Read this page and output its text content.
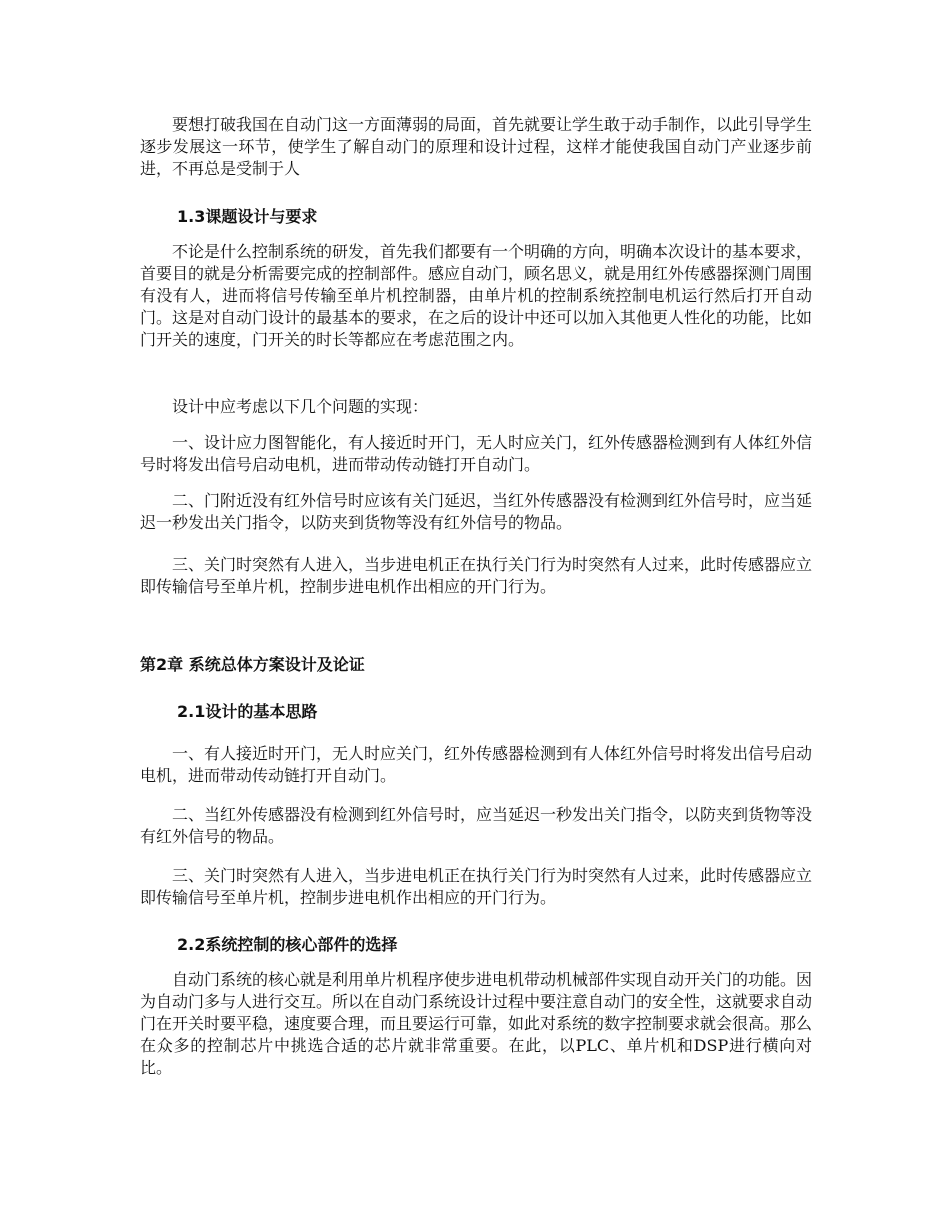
要想打破我国在自动门这一方面薄弱的局面，首先就要让学生敢于动手制作，以此引导学生逐步发展这一环节，使学生了解自动门的原理和设计过程，这样才能使我国自动门产业逐步前进，不再总是受制于人

1.3课题设计与要求

不论是什么控制系统的研发，首先我们都要有一个明确的方向，明确本次设计的基本要求，首要目的就是分析需要完成的控制部件。感应自动门，顾名思义，就是用红外传感器探测门周围有没有人，进而将信号传输至单片机控制器，由单片机的控制系统控制电机运行然后打开自动门。这是对自动门设计的最基本的要求，在之后的设计中还可以加入其他更人性化的功能，比如门开关的速度，门开关的时长等都应在考虑范围之内。

设计中应考虑以下几个问题的实现：

一、设计应力图智能化，有人接近时开门，无人时应关门，红外传感器检测到有人体红外信号时将发出信号启动电机，进而带动传动链打开自动门。

二、门附近没有红外信号时应该有关门延迟，当红外传感器没有检测到红外信号时，应当延迟一秒发出关门指令，以防夹到货物等没有红外信号的物品。

三、关门时突然有人进入，当步进电机正在执行关门行为时突然有人过来，此时传感器应立即传输信号至单片机，控制步进电机作出相应的开门行为。

第2章 系统总体方案设计及论证
2.1设计的基本思路

一、有人接近时开门，无人时应关门，红外传感器检测到有人体红外信号时将发出信号启动电机，进而带动传动链打开自动门。

二、当红外传感器没有检测到红外信号时，应当延迟一秒发出关门指令，以防夹到货物等没有红外信号的物品。

三、关门时突然有人进入，当步进电机正在执行关门行为时突然有人过来，此时传感器应立即传输信号至单片机，控制步进电机作出相应的开门行为。

2.2系统控制的核心部件的选择

自动门系统的核心就是利用单片机程序使步进电机带动机械部件实现自动开关门的功能。因为自动门多与人进行交互。所以在自动门系统设计过程中要注意自动门的安全性，这就要求自动门在开关时要平稳，速度要合理，而且要运行可靠，如此对系统的数字控制要求就会很高。那么在众多的控制芯片中挑选合适的芯片就非常重要。在此，以PLC、单片机和DSP进行横向对比。
